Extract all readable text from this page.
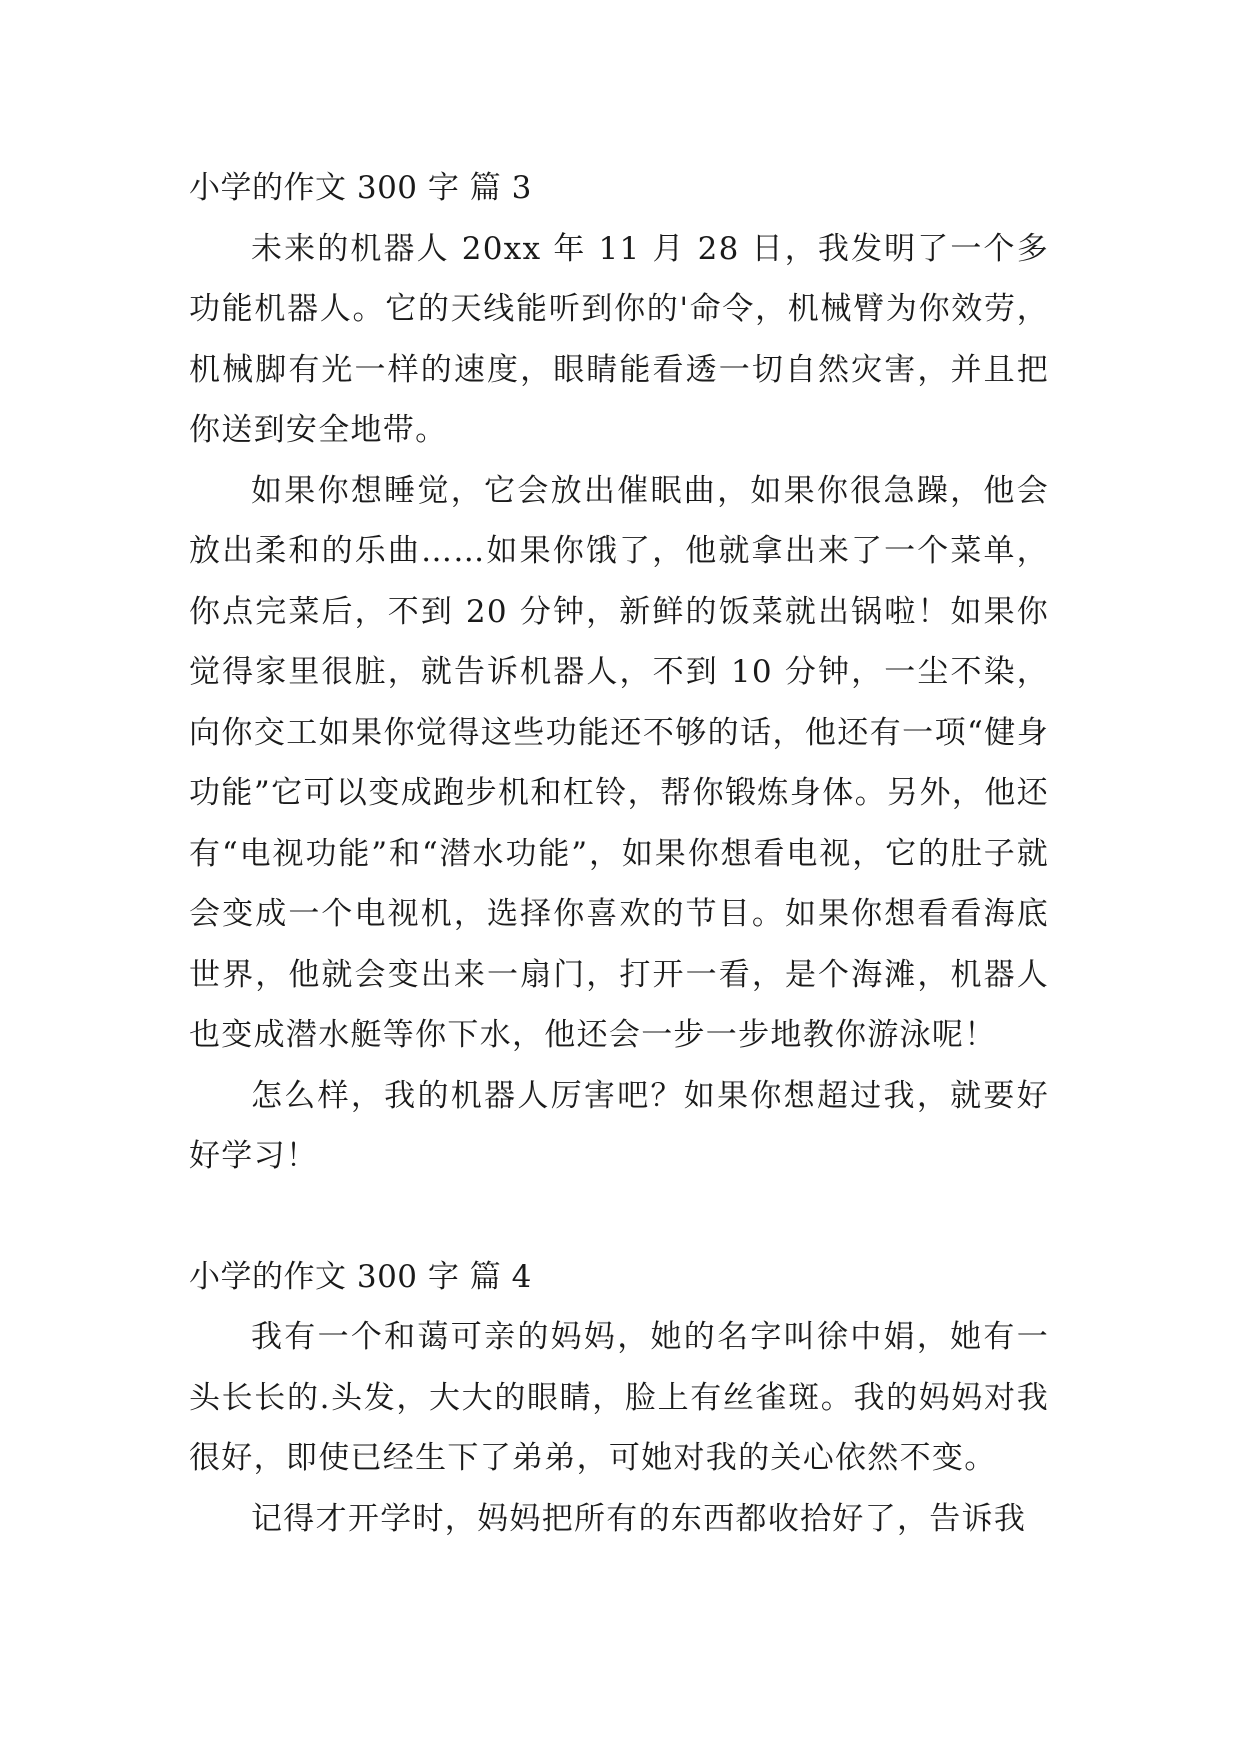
小学的作文 300 字 篇 3

未来的机器人 20xx 年 11 月 28 日，我发明了一个多功能机器人。它的天线能听到你的'命令，机械臂为你效劳，机械脚有光一样的速度，眼睛能看透一切自然灾害，并且把你送到安全地带。

如果你想睡觉，它会放出催眠曲，如果你很急躁，他会放出柔和的乐曲……如果你饿了，他就拿出来了一个菜单，你点完菜后，不到 20 分钟，新鲜的饭菜就出锅啦！如果你觉得家里很脏，就告诉机器人，不到 10 分钟，一尘不染，向你交工如果你觉得这些功能还不够的话，他还有一项“健身功能”它可以变成跑步机和杠铃，帮你锻炼身体。另外，他还有“电视功能”和“潜水功能”，如果你想看电视，它的肚子就会变成一个电视机，选择你喜欢的节目。如果你想看看海底世界，他就会变出来一扇门，打开一看，是个海滩，机器人也变成潜水艇等你下水，他还会一步一步地教你游泳呢！

怎么样，我的机器人厉害吧？如果你想超过我，就要好好学习！

小学的作文 300 字 篇 4

我有一个和蔼可亲的妈妈，她的名字叫徐中娟，她有一头长长的.头发，大大的眼睛，脸上有丝雀斑。我的妈妈对我很好，即使已经生下了弟弟，可她对我的关心依然不变。

记得才开学时，妈妈把所有的东西都收拾好了，告诉我
